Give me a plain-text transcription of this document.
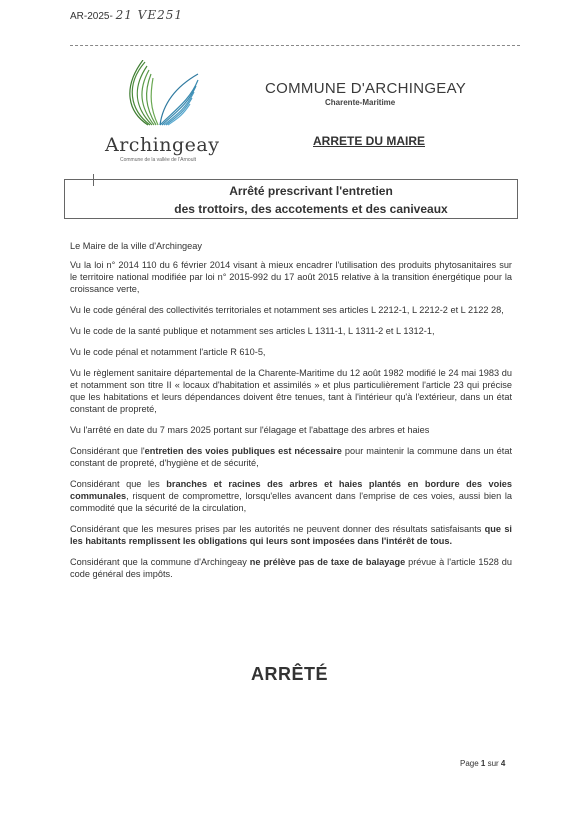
AR-2025- 21 VE251
Archingeay
Commune de la vallée de l'Arnoult
COMMUNE D'ARCHINGEAY
Charente-Maritime
ARRETE DU MAIRE
Arrêté prescrivant l'entretien
des trottoirs, des accotements et des caniveaux

Le Maire de la ville d'Archingeay

Vu la loi n° 2014 110 du 6 février 2014 visant à mieux encadrer l'utilisation des produits phytosanitaires sur le territoire national modifiée par loi n° 2015-992 du 17 août 2015 relative à la transition énergétique pour la croissance verte,

Vu le code général des collectivités territoriales et notamment ses articles L 2212-1, L 2212-2 et L 2122 28,

Vu le code de la santé publique et notamment ses articles L 1311-1, L 1311-2 et L 1312-1,

Vu le code pénal et notamment l'article R 610-5,

Vu le règlement sanitaire départemental de la Charente-Maritime du 12 août 1982 modifié le 24 mai 1983 du et notamment son titre II « locaux d'habitation et assimilés » et plus particulièrement l'article 23 qui précise que les habitations et leurs dépendances doivent être tenues, tant à l'intérieur qu'à l'extérieur, dans un état constant de propreté,

Vu l'arrêté en date du 7 mars 2025 portant sur l'élagage et l'abattage des arbres et haies

Considérant que l'entretien des voies publiques est nécessaire pour maintenir la commune dans un état constant de propreté, d'hygiène et de sécurité,

Considérant que les branches et racines des arbres et haies plantés en bordure des voies communales, risquent de compromettre, lorsqu'elles avancent dans l'emprise de ces voies, aussi bien la commodité que la sécurité de la circulation,

Considérant que les mesures prises par les autorités ne peuvent donner des résultats satisfaisants que si les habitants remplissent les obligations qui leurs sont imposées dans l'intérêt de tous.

Considérant que la commune d'Archingeay ne prélève pas de taxe de balayage prévue à l'article 1528 du code général des impôts.

ARRÊTÉ
Page 1 sur 4
